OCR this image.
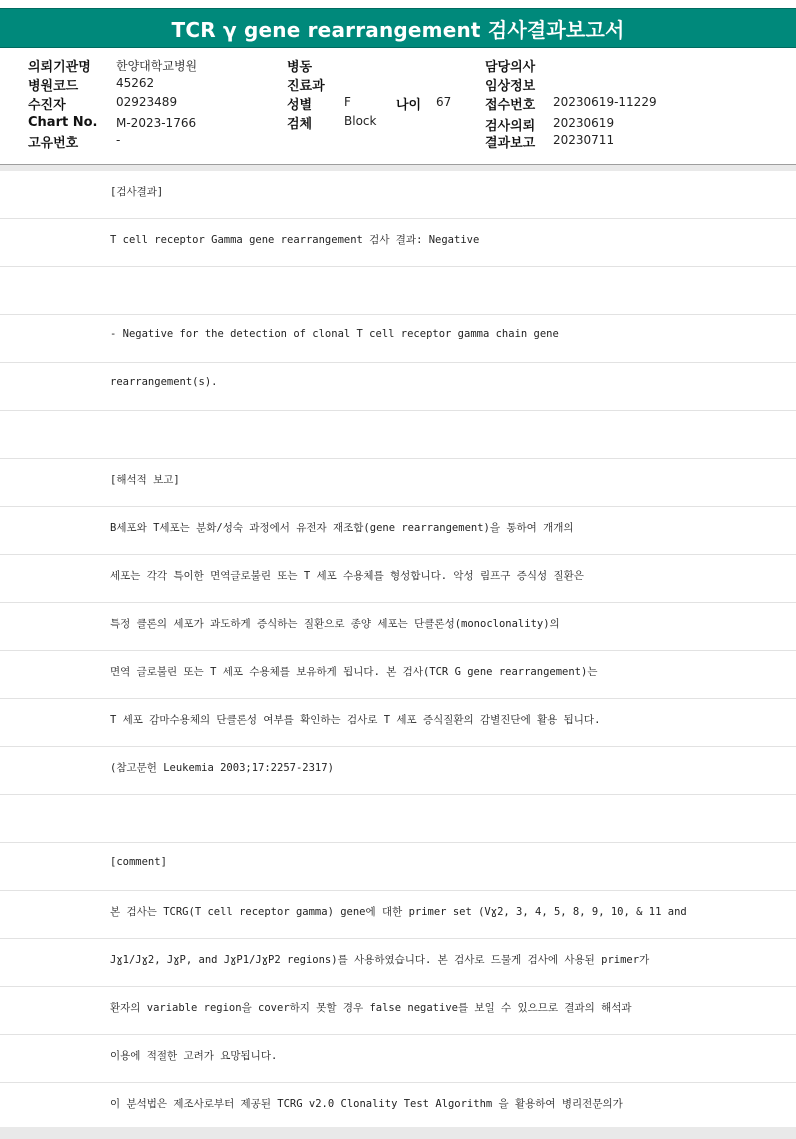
TCR γ gene rearrangement 검사결과보고서
의뢰기관명 한양대학교병원
병원코드	45262
수진자	02923489
Chart No. M-2023-1766
고유번호	-
병동
진료과
성별	F	나이 67
검체	Block
담당의사
임상정보
접수번호 20230619-11229
검사의뢰 20230619
결과보고 20230711
[검사결과]
T cell receptor Gamma gene rearrangement 검사 결과: Negative
- Negative for the detection of clonal T cell receptor gamma chain gene
rearrangement(s).
[해석적 보고]
B세포와 T세포는 분화/성숙 과정에서 유전자 재조합(gene rearrangement)을 통하여 개개의
세포는 각각 특이한 면역글로불린 또는 T 세포 수용체를 형성합니다. 악성 림프구 증식성 질환은
특정 클론의 세포가 과도하게 증식하는 질환으로 종양 세포는 단클론성(monoclonality)의
면역 글로불린 또는 T 세포 수용체를 보유하게 됩니다. 본 검사(TCR G gene rearrangement)는
T 세포 감마수용체의 단클론성 여부를 확인하는 검사로 T 세포 증식질환의 감별진단에 활용 됩니다.
(참고문헌 Leukemia 2003;17:2257-2317)
[comment]
본 검사는 TCRG(T cell receptor gamma) gene에 대한 primer set (Vɣ2, 3, 4, 5, 8, 9, 10, & 11 and
Jɣ1/Jɣ2, JɣP, and JɣP1/JɣP2 regions)를 사용하였습니다. 본 검사로 드물게 검사에 사용된 primer가
환자의 variable region을 cover하지 못할 경우 false negative를 보일 수 있으므로 결과의 해석과
이용에 적절한 고려가 요망됩니다.
이 분석법은 제조사로부터 제공된 TCRG v2.0 Clonality Test Algorithm 을 활용하여 병리전문의가
